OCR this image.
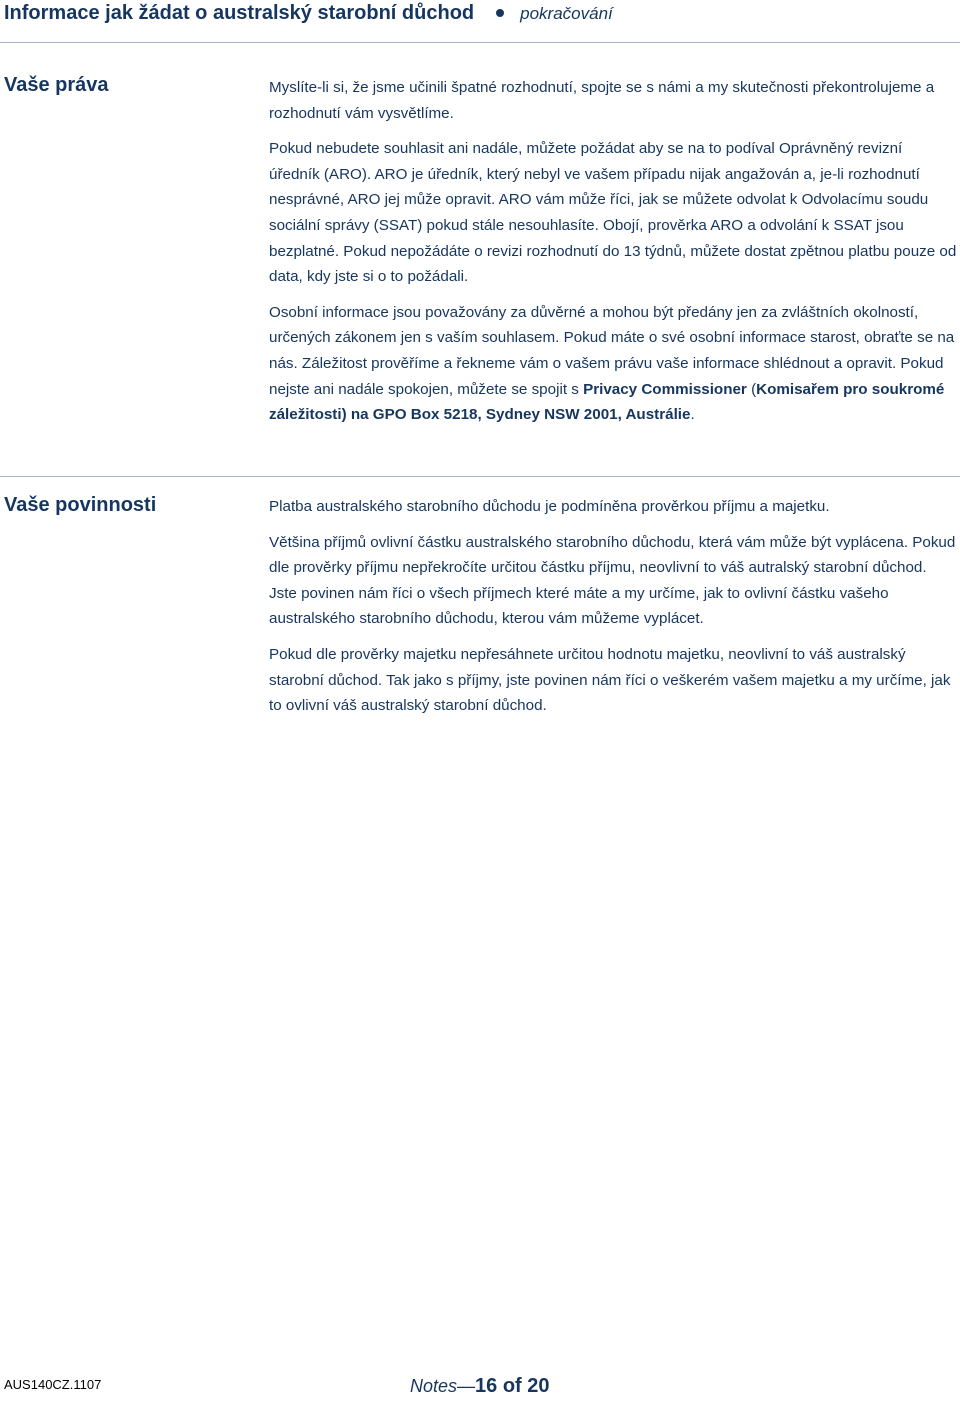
Informace jak žádat o australský starobní důchod	pokračování
Vaše práva	Myslíte-li si, že jsme učinili špatné rozhodnutí, spojte se s námi a my skutečnosti překontrolujeme a rozhodnutí vám vysvětlíme.

Pokud nebudete souhlasit ani nadále, můžete požádat aby se na to podíval Oprávněný revizní úředník (ARO). ARO je úředník, který nebyl ve vašem případu nijak angažován a, je-li rozhodnutí nesprávné, ARO jej může opravit. ARO vám může říci, jak se můžete odvolat k Odvolacímu soudu sociální správy (SSAT) pokud stále nesouhlasíte. Obojí, prověrka ARO a odvolání k SSAT jsou bezplatné. Pokud nepožádáte o revizi rozhodnutí do 13 týdnů, můžete dostat zpětnou platbu pouze od data, kdy jste si o to požádali.

Osobní informace jsou považovány za důvěrné a mohou být předány jen za zvláštních okolností, určených zákonem jen s vaším souhlasem. Pokud máte o své osobní informace starost, obraťte se na nás. Záležitost prověříme a řekneme vám o vašem právu vaše informace shlédnout a opravit. Pokud nejste ani nadále spokojen, můžete se spojit s Privacy Commissioner (Komisařem pro soukromé záležitosti) na GPO Box 5218, Sydney NSW 2001, Austrálie.

Vaše povinnosti	Platba australského starobního důchodu je podmíněna prověrkou příjmu a majetku.

Většina příjmů ovlivní částku australského starobního důchodu, která vám může být vyplácena. Pokud dle prověrky příjmu nepřekročíte určitou částku příjmu, neovlivní to váš autralský starobní důchod. Jste povinen nám říci o všech příjmech které máte a my určíme, jak to ovlivní částku vašeho australského starobního důchodu, kterou vám můžeme vyplácet.

Pokud dle prověrky majetku nepřesáhnete určitou hodnotu majetku, neovlivní to váš australský starobní důchod. Tak jako s příjmy, jste povinen nám říci o veškerém vašem majetku a my určíme, jak to ovlivní váš australský starobní důchod.

AUS140CZ.1107	Notes—16 of 20
